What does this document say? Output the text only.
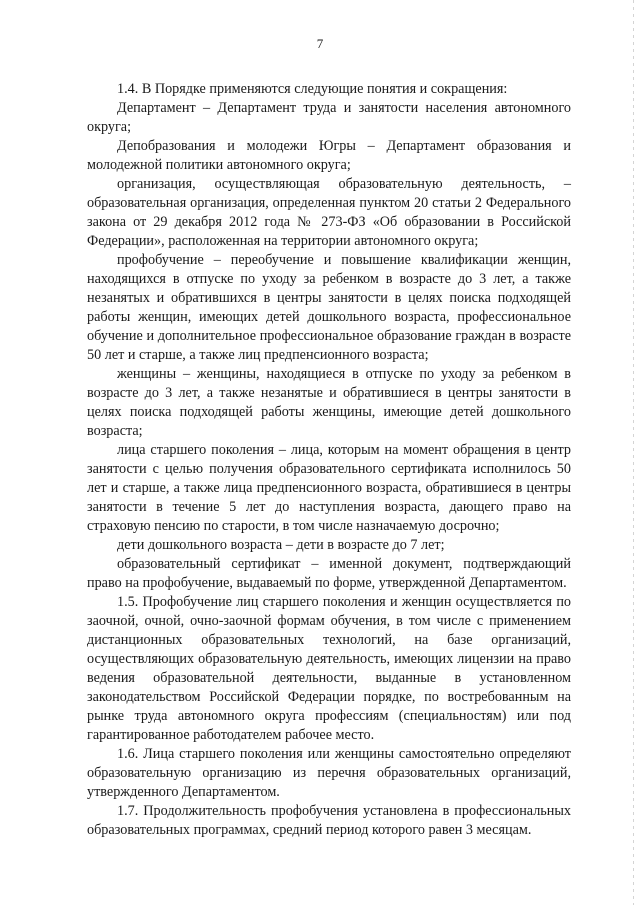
7

1.4. В Порядке применяются следующие понятия и сокращения:

Департамент – Департамент труда и занятости населения автономного округа;

Депобразования и молодежи Югры – Департамент образования и молодежной политики автономного округа;

организация, осуществляющая образовательную деятельность, – образовательная организация, определенная пунктом 20 статьи 2 Федерального закона от 29 декабря 2012 года № 273-ФЗ «Об образовании в Российской Федерации», расположенная на территории автономного округа;

профобучение – переобучение и повышение квалификации женщин, находящихся в отпуске по уходу за ребенком в возрасте до 3 лет, а также незанятых и обратившихся в центры занятости в целях поиска подходящей работы женщин, имеющих детей дошкольного возраста, профессиональное обучение и дополнительное профессиональное образование граждан в возрасте 50 лет и старше, а также лиц предпенсионного возраста;

женщины – женщины, находящиеся в отпуске по уходу за ребенком в возрасте до 3 лет, а также незанятые и обратившиеся в центры занятости в целях поиска подходящей работы женщины, имеющие детей дошкольного возраста;

лица старшего поколения – лица, которым на момент обращения в центр занятости с целью получения образовательного сертификата исполнилось 50 лет и старше, а также лица предпенсионного возраста, обратившиеся в центры занятости в течение 5 лет до наступления возраста, дающего право на страховую пенсию по старости, в том числе назначаемую досрочно;

дети дошкольного возраста – дети в возрасте до 7 лет;

образовательный сертификат – именной документ, подтверждающий право на профобучение, выдаваемый по форме, утвержденной Департаментом.

1.5. Профобучение лиц старшего поколения и женщин осуществляется по заочной, очной, очно-заочной формам обучения, в том числе с применением дистанционных образовательных технологий, на базе организаций, осуществляющих образовательную деятельность, имеющих лицензии на право ведения образовательной деятельности, выданные в установленном законодательством Российской Федерации порядке, по востребованным на рынке труда автономного округа профессиям (специальностям) или под гарантированное работодателем рабочее место.

1.6. Лица старшего поколения или женщины самостоятельно определяют образовательную организацию из перечня образовательных организаций, утвержденного Департаментом.

1.7. Продолжительность профобучения установлена в профессиональных образовательных программах, средний период которого равен 3 месяцам.
